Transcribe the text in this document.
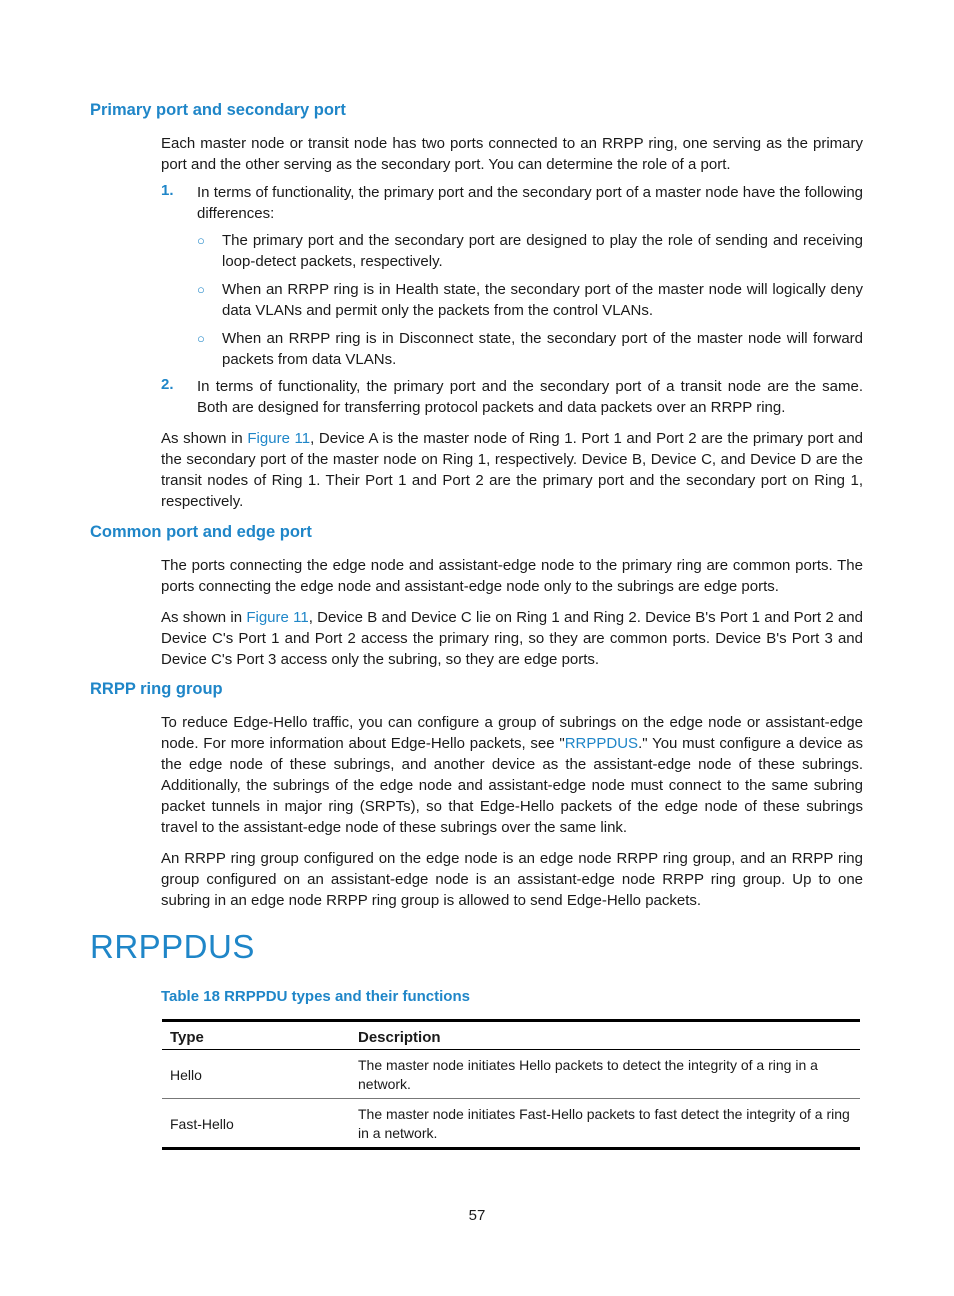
Primary port and secondary port

Each master node or transit node has two ports connected to an RRPP ring, one serving as the primary port and the other serving as the secondary port. You can determine the role of a port.

1. In terms of functionality, the primary port and the secondary port of a master node have the following differences:

○ The primary port and the secondary port are designed to play the role of sending and receiving loop-detect packets, respectively.

○ When an RRPP ring is in Health state, the secondary port of the master node will logically deny data VLANs and permit only the packets from the control VLANs.

○ When an RRPP ring is in Disconnect state, the secondary port of the master node will forward packets from data VLANs.

2. In terms of functionality, the primary port and the secondary port of a transit node are the same. Both are designed for transferring protocol packets and data packets over an RRPP ring.

As shown in Figure 11, Device A is the master node of Ring 1. Port 1 and Port 2 are the primary port and the secondary port of the master node on Ring 1, respectively. Device B, Device C, and Device D are the transit nodes of Ring 1. Their Port 1 and Port 2 are the primary port and the secondary port on Ring 1, respectively.

Common port and edge port

The ports connecting the edge node and assistant-edge node to the primary ring are common ports. The ports connecting the edge node and assistant-edge node only to the subrings are edge ports.

As shown in Figure 11, Device B and Device C lie on Ring 1 and Ring 2. Device B's Port 1 and Port 2 and Device C's Port 1 and Port 2 access the primary ring, so they are common ports. Device B's Port 3 and Device C's Port 3 access only the subring, so they are edge ports.

RRPP ring group

To reduce Edge-Hello traffic, you can configure a group of subrings on the edge node or assistant-edge node. For more information about Edge-Hello packets, see "RRPPDUS." You must configure a device as the edge node of these subrings, and another device as the assistant-edge node of these subrings. Additionally, the subrings of the edge node and assistant-edge node must connect to the same subring packet tunnels in major ring (SRPTs), so that Edge-Hello packets of the edge node of these subrings travel to the assistant-edge node of these subrings over the same link.

An RRPP ring group configured on the edge node is an edge node RRPP ring group, and an RRPP ring group configured on an assistant-edge node is an assistant-edge node RRPP ring group. Up to one subring in an edge node RRPP ring group is allowed to send Edge-Hello packets.

RRPPDUS

Table 18 RRPPDU types and their functions

Type	Description
Hello	The master node initiates Hello packets to detect the integrity of a ring in a network.
Fast-Hello	The master node initiates Fast-Hello packets to fast detect the integrity of a ring in a network.
57
